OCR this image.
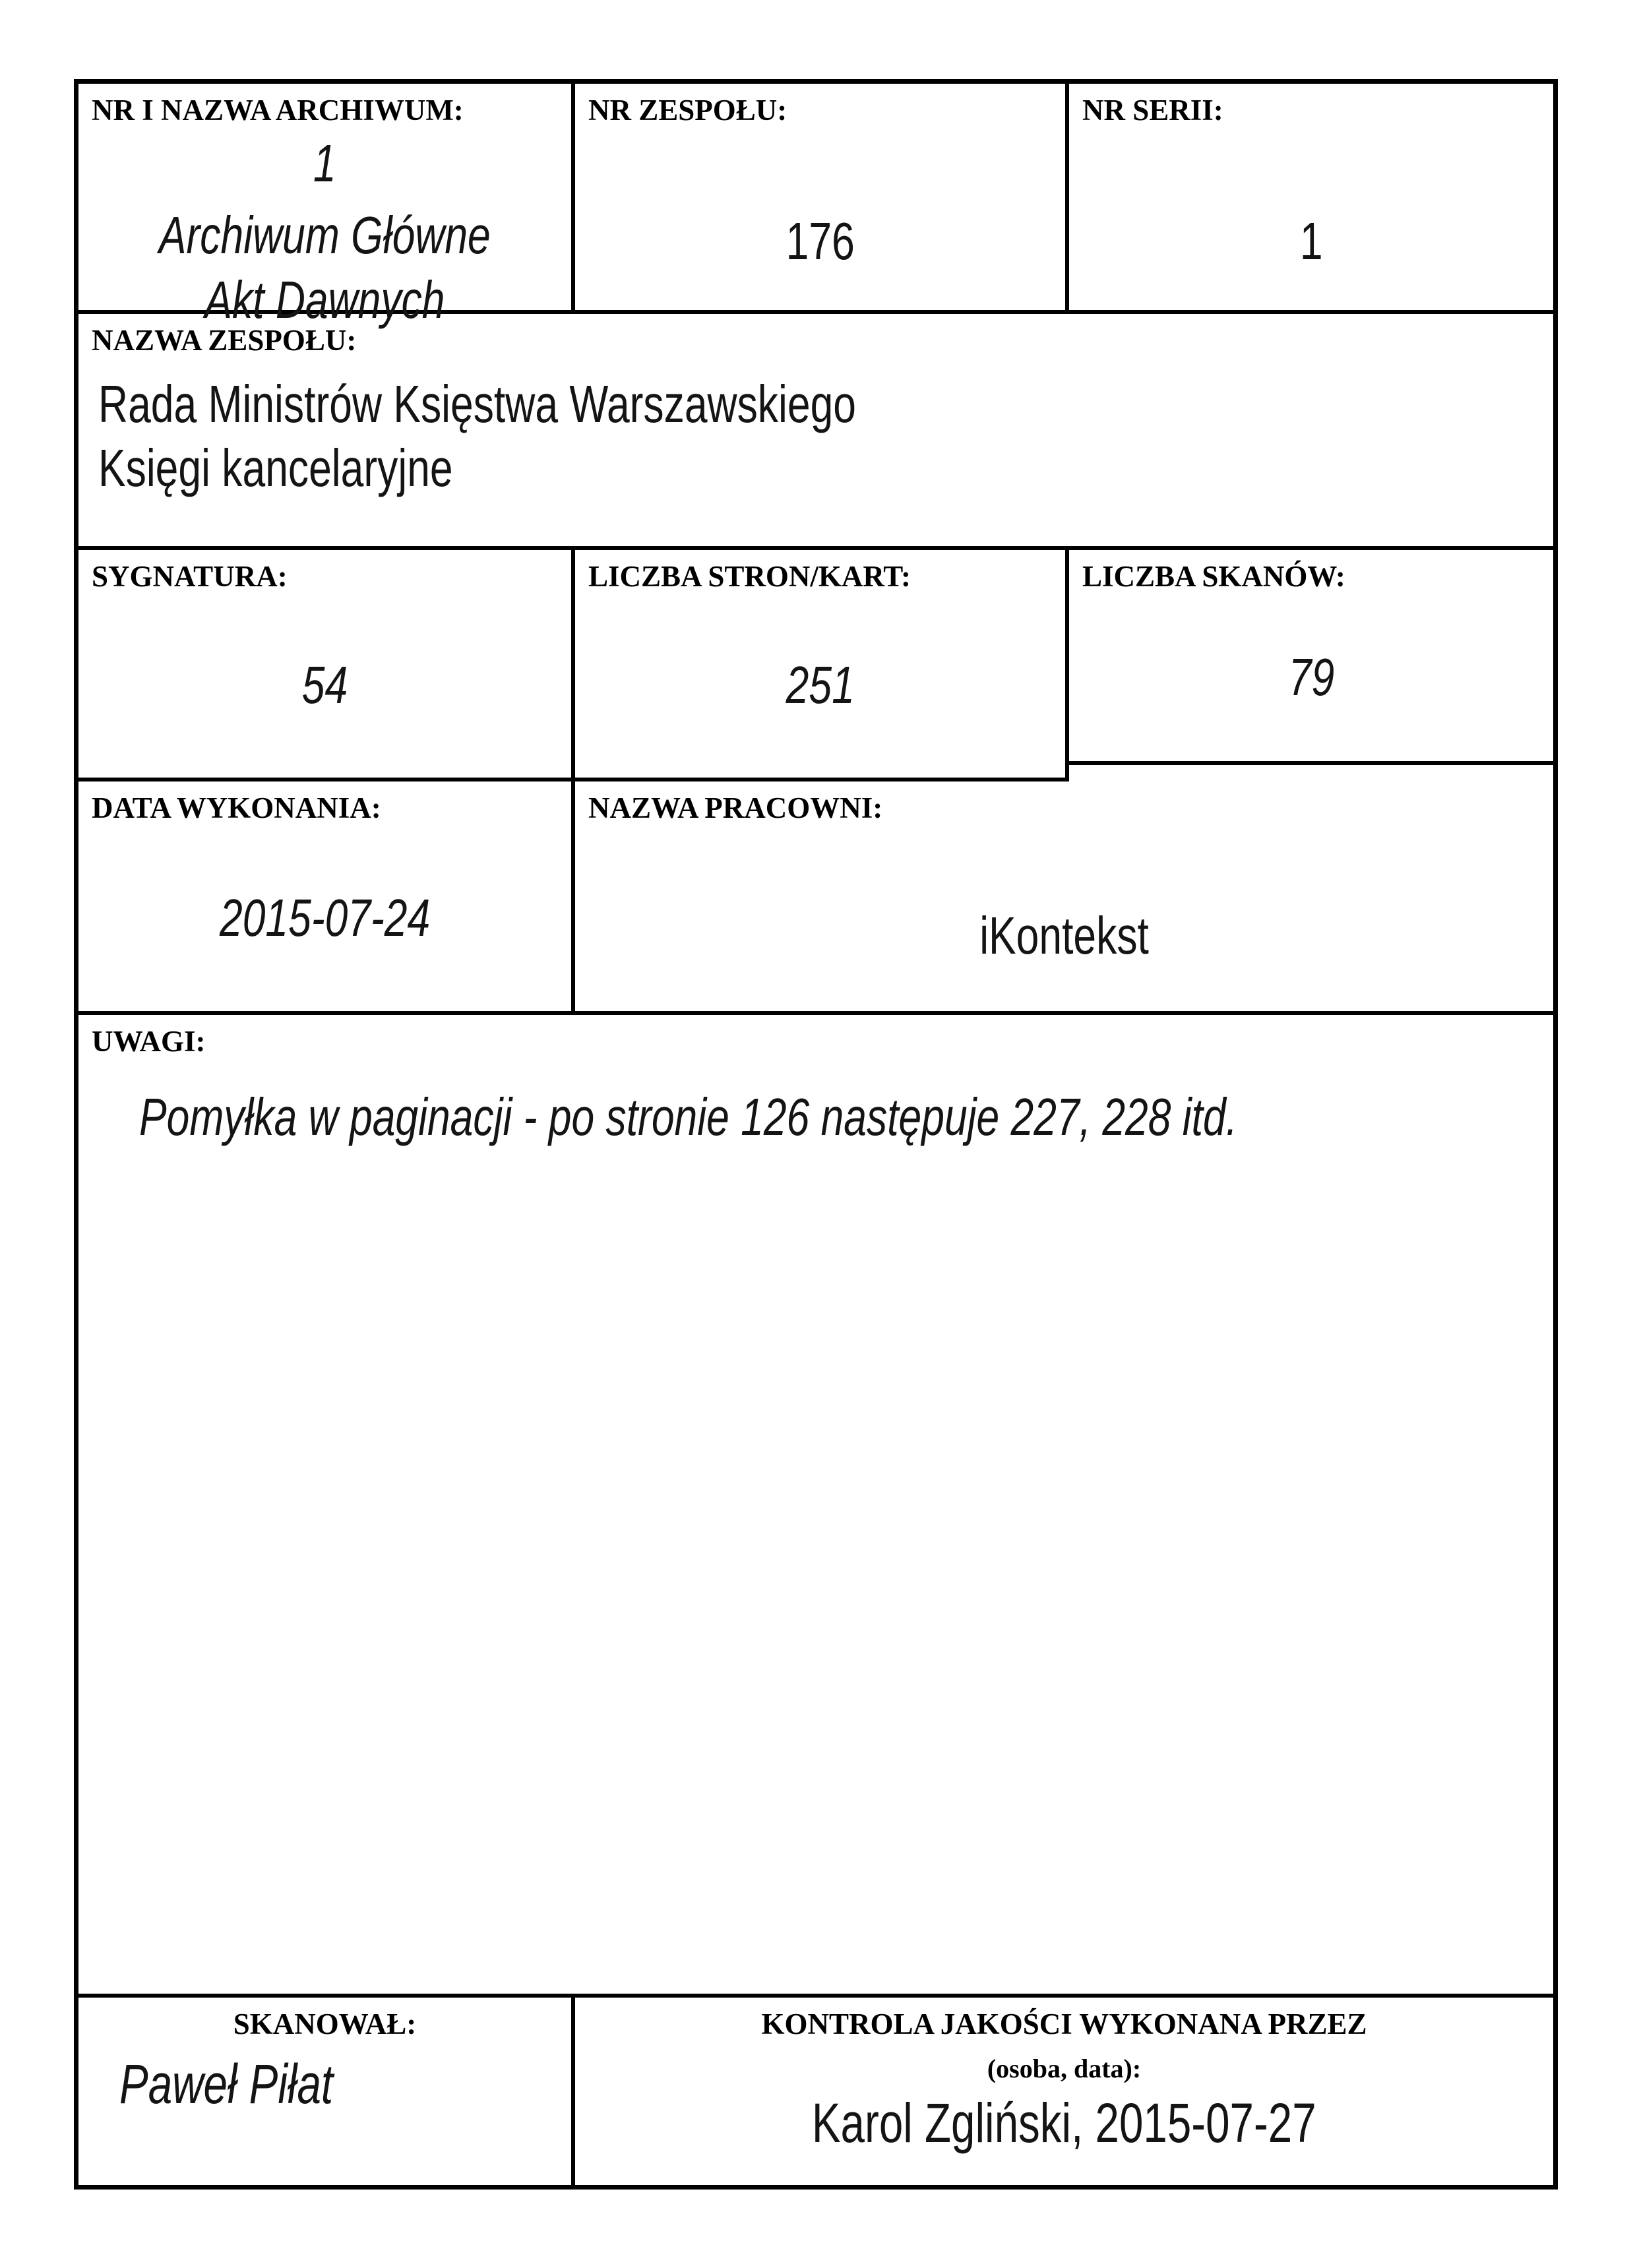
NR I NAZWA ARCHIWUM:
1
Archiwum Główne
Akt Dawnych
NR ZESPOŁU:
176
NR SERII:
1
NAZWA ZESPOŁU:
Rada Ministrów Księstwa Warszawskiego
Księgi kancelaryjne
SYGNATURA:
54
LICZBA STRON/KART:
251
LICZBA SKANÓW:
79
DATA WYKONANIA:
2015-07-24
NAZWA PRACOWNI:
iKontekst
UWAGI:
Pomyłka w paginacji - po stronie 126 następuje 227, 228 itd.
SKANOWAŁ:
Paweł Piłat
KONTROLA JAKOŚCI WYKONANA PRZEZ
(osoba, data):
Karol Zgliński, 2015-07-27
